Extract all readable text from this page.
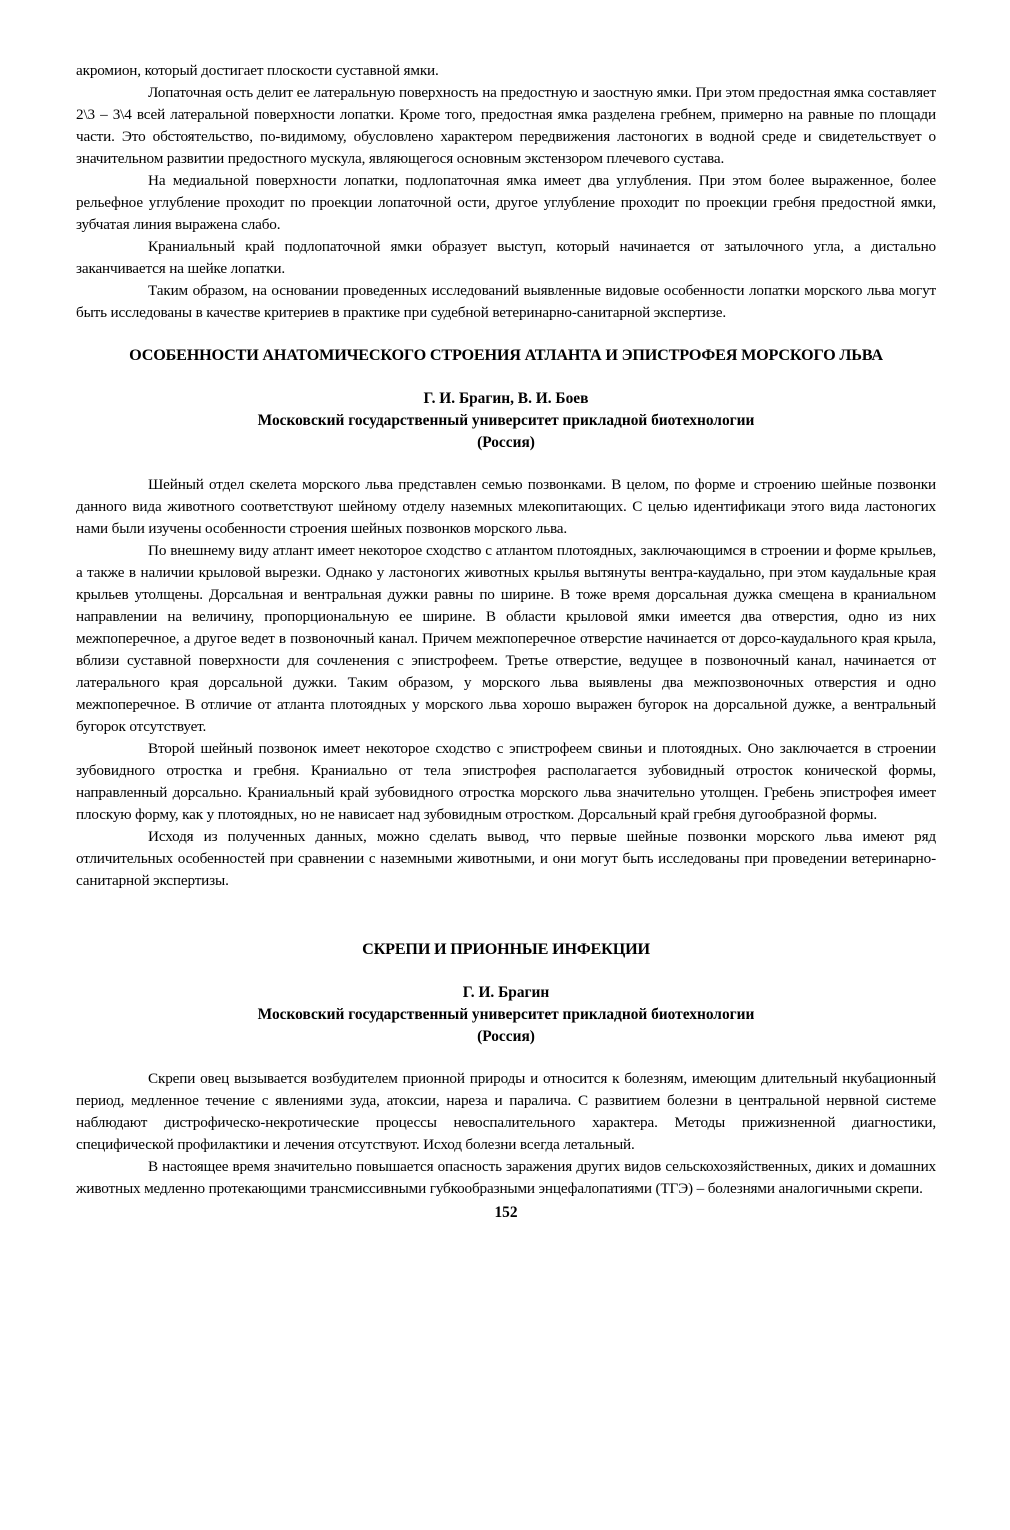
акромион, который достигает плоскости суставной ямки.

Лопаточная ость делит ее латеральную поверхность на предостную и заостную ямки. При этом предостная ямка составляет 2\3 – 3\4 всей латеральной поверхности лопатки. Кроме того, предостная ямка разделена гребнем, примерно на равные по площади части. Это обстоятельство, по-видимому, обусловлено характером передвижения ластоногих в водной среде и свидетельствует о значительном развитии предостного мускула, являющегося основным экстензором плечевого сустава.

На медиальной поверхности лопатки, подлопаточная ямка имеет два углубления. При этом более выраженное, более рельефное углубление проходит по проекции лопаточной ости, другое углубление проходит по проекции гребня предостной ямки, зубчатая линия выражена слабо.

Краниальный край подлопаточной ямки образует выступ, который начинается от затылочного угла, а дистально заканчивается на шейке лопатки.

Таким образом, на основании проведенных исследований выявленные видовые особенности лопатки морского льва могут быть исследованы в качестве критериев в практике при судебной ветеринарно-санитарной экспертизе.

ОСОБЕННОСТИ АНАТОМИЧЕСКОГО СТРОЕНИЯ АТЛАНТА И ЭПИСТРОФЕЯ МОРСКОГО ЛЬВА

Г. И. Брагин, В. И. Боев

Московский государственный университет прикладной биотехнологии

(Россия)

Шейный отдел скелета морского льва представлен семью позвонками. В целом, по форме и строению шейные позвонки данного вида животного соответствуют шейному отделу наземных млекопитающих. С целью идентификаци этого вида ластоногих нами были изучены особенности строения шейных позвонков морского льва.

По внешнему виду атлант имеет некоторое сходство с атлантом плотоядных, заключающимся в строении и форме крыльев, а также в наличии крыловой вырезки. Однако у ластоногих животных крылья вытянуты вентра-каудально, при этом каудальные края крыльев утолщены. Дорсальная и вентральная дужки равны по ширине. В тоже время дорсальная дужка смещена в краниальном направлении на величину, пропорциональную ее ширине. В области крыловой ямки имеется два отверстия, одно из них межпоперечное, а другое ведет в позвоночный канал. Причем межпоперечное отверстие начинается от дорсо-каудального края крыла, вблизи суставной поверхности для сочленения с эпистрофеем. Третье отверстие, ведущее в позвоночный канал, начинается от латерального края дорсальной дужки. Таким образом, у морского льва выявлены два межпозвоночных отверстия и одно межпоперечное. В отличие от атланта плотоядных у морского льва хорошо выражен бугорок на дорсальной дужке, а вентральный бугорок отсутствует.

Второй шейный позвонок имеет некоторое сходство с эпистрофеем свиньи и плотоядных. Оно заключается в строении зубовидного отростка и гребня. Краниально от тела эпистрофея располагается зубовидный отросток конической формы, направленный дорсально. Краниальный край зубовидного отростка морского льва значительно утолщен. Гребень эпистрофея имеет плоскую форму, как у плотоядных, но не нависает над зубовидным отростком. Дорсальный край гребня дугообразной формы.

Исходя из полученных данных, можно сделать вывод, что первые шейные позвонки морского льва имеют ряд отличительных особенностей при сравнении с наземными животными, и они могут быть исследованы при проведении ветеринарно-санитарной экспертизы.

СКРЕПИ И ПРИОННЫЕ ИНФЕКЦИИ

Г. И. Брагин

Московский государственный университет прикладной биотехнологии

(Россия)

Скрепи овец вызывается возбудителем прионной природы и относится к болезням, имеющим длительный нкубационный период, медленное течение с явлениями зуда, атоксии, нареза и паралича. С развитием болезни в центральной нервной системе наблюдают дистрофическо-некротические процессы невоспалительного характера. Методы прижизненной диагностики, специфической профилактики и лечения отсутствуют. Исход болезни всегда летальный.

В настоящее время значительно повышается опасность заражения других видов сельскохозяйственных, диких и домашних животных медленно протекающими трансмиссивными губкообразными энцефалопатиями (ТГЭ) – болезнями аналогичными скрепи.

152
